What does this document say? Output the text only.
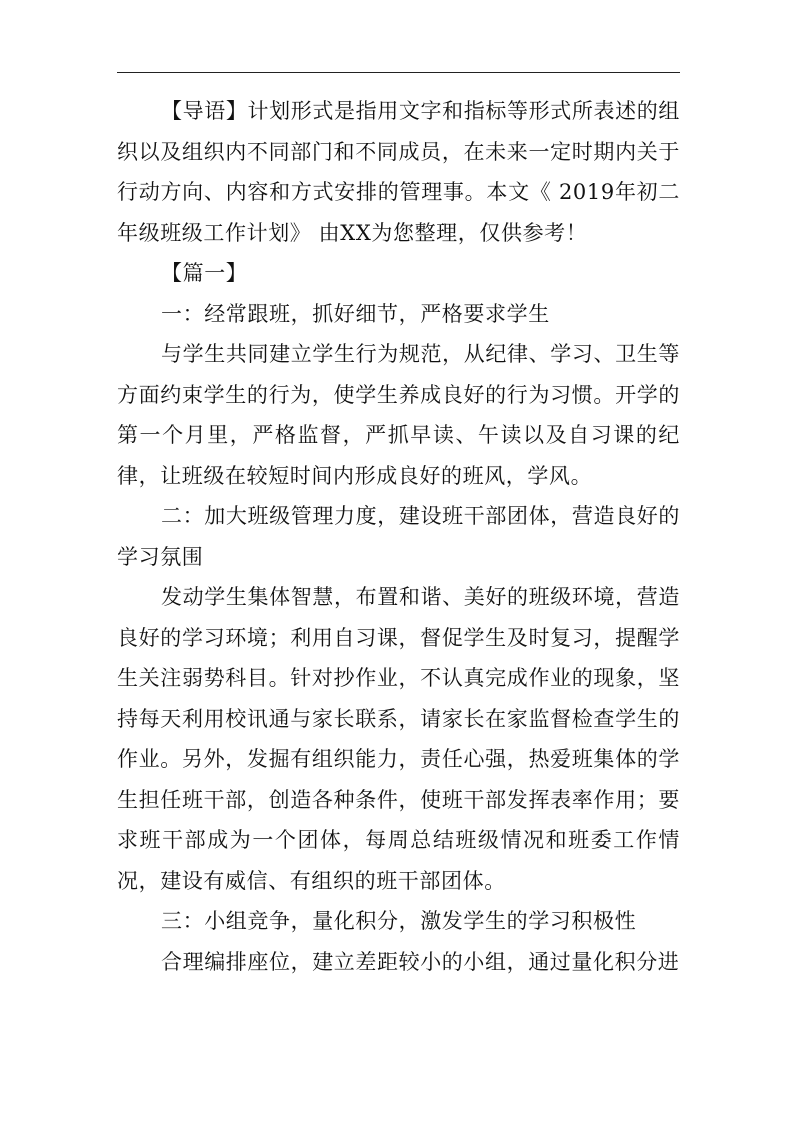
【导语】计划形式是指用文字和指标等形式所表述的组织以及组织内不同部门和不同成员，在未来一定时期内关于行动方向、内容和方式安排的管理事。本文《 2019年初二年级班级工作计划》 由XX为您整理，仅供参考！

【篇一】

一：经常跟班，抓好细节，严格要求学生

与学生共同建立学生行为规范，从纪律、学习、卫生等方面约束学生的行为，使学生养成良好的行为习惯。开学的第一个月里，严格监督，严抓早读、午读以及自习课的纪律，让班级在较短时间内形成良好的班风，学风。

二：加大班级管理力度，建设班干部团体，营造良好的学习氛围

发动学生集体智慧，布置和谐、美好的班级环境，营造良好的学习环境；利用自习课，督促学生及时复习，提醒学生关注弱势科目。针对抄作业，不认真完成作业的现象，坚持每天利用校讯通与家长联系，请家长在家监督检查学生的作业。另外，发掘有组织能力，责任心强，热爱班集体的学生担任班干部，创造各种条件，使班干部发挥表率作用；要求班干部成为一个团体，每周总结班级情况和班委工作情况，建设有威信、有组织的班干部团体。

三：小组竞争，量化积分，激发学生的学习积极性

合理编排座位，建立差距较小的小组，通过量化积分进
